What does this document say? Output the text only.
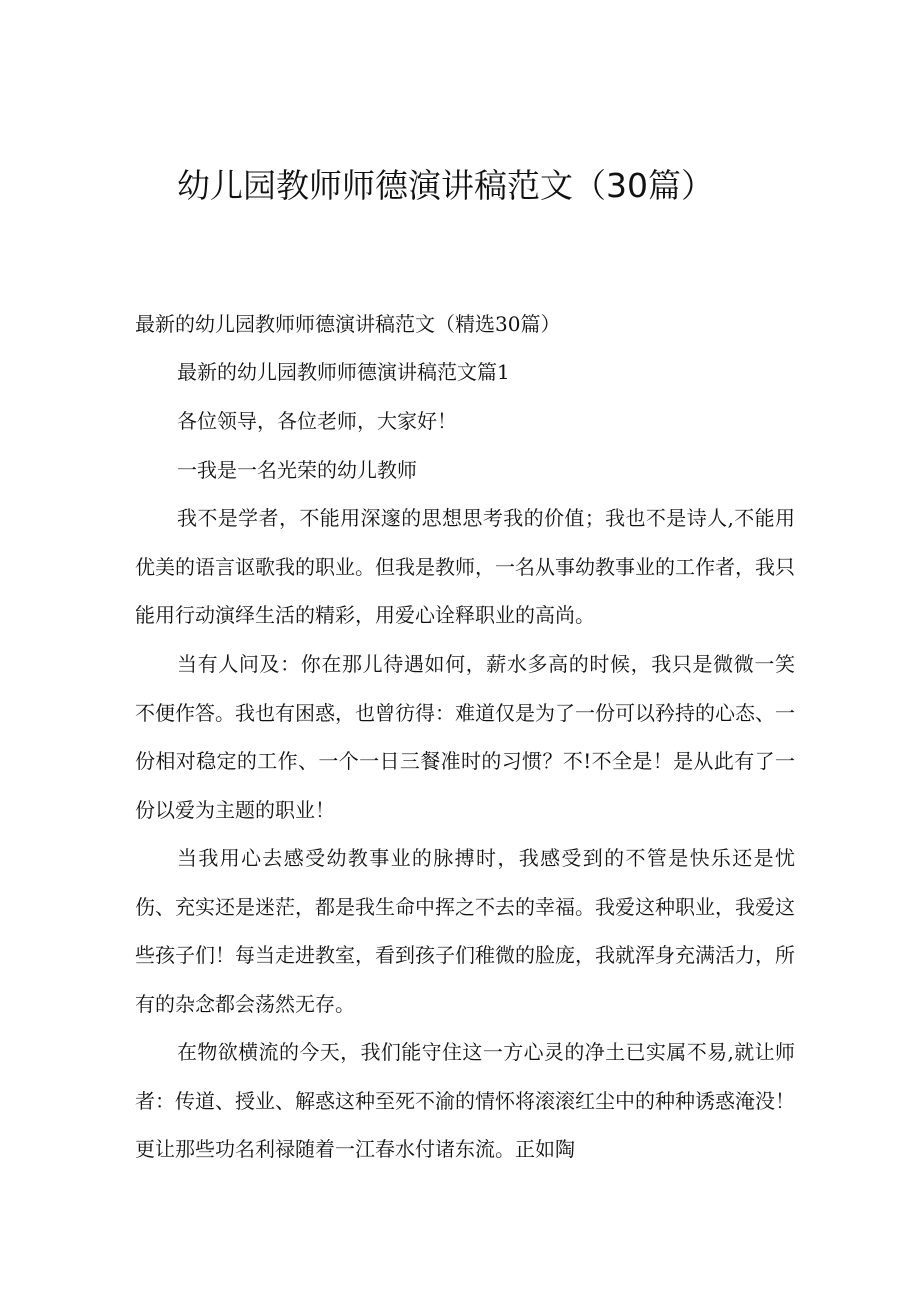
幼儿园教师师德演讲稿范文（30篇）

最新的幼儿园教师师德演讲稿范文（精选30篇）

最新的幼儿园教师师德演讲稿范文篇1

各位领导，各位老师，大家好！

一我是一名光荣的幼儿教师

我不是学者，不能用深邃的思想思考我的价值；我也不是诗人,不能用优美的语言讴歌我的职业。但我是教师，一名从事幼教事业的工作者，我只能用行动演绎生活的精彩，用爱心诠释职业的高尚。

当有人问及：你在那儿待遇如何，薪水多高的时候，我只是微微一笑不便作答。我也有困惑，也曾彷得：难道仅是为了一份可以矜持的心态、一份相对稳定的工作、一个一日三餐准时的习惯？不!不全是！是从此有了一份以爱为主题的职业！

当我用心去感受幼教事业的脉搏时，我感受到的不管是快乐还是忧伤、充实还是迷茫，都是我生命中挥之不去的幸福。我爱这种职业，我爱这些孩子们！每当走进教室，看到孩子们稚微的脸庞，我就浑身充满活力，所有的杂念都会荡然无存。

在物欲横流的今天，我们能守住这一方心灵的净土已实属不易,就让师者：传道、授业、解惑这种至死不渝的情怀将滚滚红尘中的种种诱惑淹没！更让那些功名利禄随着一江春水付诸东流。正如陶
